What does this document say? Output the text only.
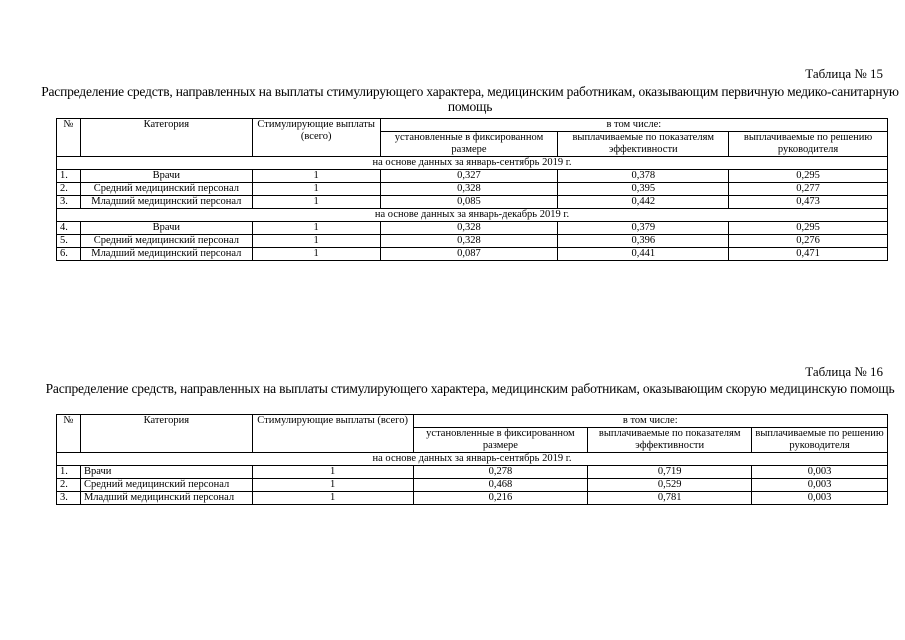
Таблица № 15
Распределение средств, направленных на выплаты стимулирующего характера, медицинским работникам, оказывающим первичную медико-санитарную помощь
№	Категория	Стимулирующие выплаты (всего)	в том числе:		
			установленные в фиксированном размере	выплачиваемые по показателям эффективности	выплачиваемые по решению руководителя
на основе данных за январь-сентябрь 2019 г.					
1.	Врачи	1	0,327	0,378	0,295
2.	Средний медицинский персонал	1	0,328	0,395	0,277
3.	Младший медицинский персонал	1	0,085	0,442	0,473
на основе данных за январь-декабрь 2019 г.					
4.	Врачи	1	0,328	0,379	0,295
5.	Средний медицинский персонал	1	0,328	0,396	0,276
6.	Младший медицинский персонал	1	0,087	0,441	0,471
Таблица № 16
Распределение средств, направленных на выплаты стимулирующего характера, медицинским работникам, оказывающим скорую медицинскую помощь
№	Категория	Стимулирующие выплаты (всего)	в том числе:		
			установленные в фиксированном размере	выплачиваемые по показателям эффективности	выплачиваемые по решению руководителя
на основе данных за январь-сентябрь 2019 г.					
1.	Врачи	1	0,278	0,719	0,003
2.	Средний медицинский персонал	1	0,468	0,529	0,003
3.	Младший медицинский персонал	1	0,216	0,781	0,003
